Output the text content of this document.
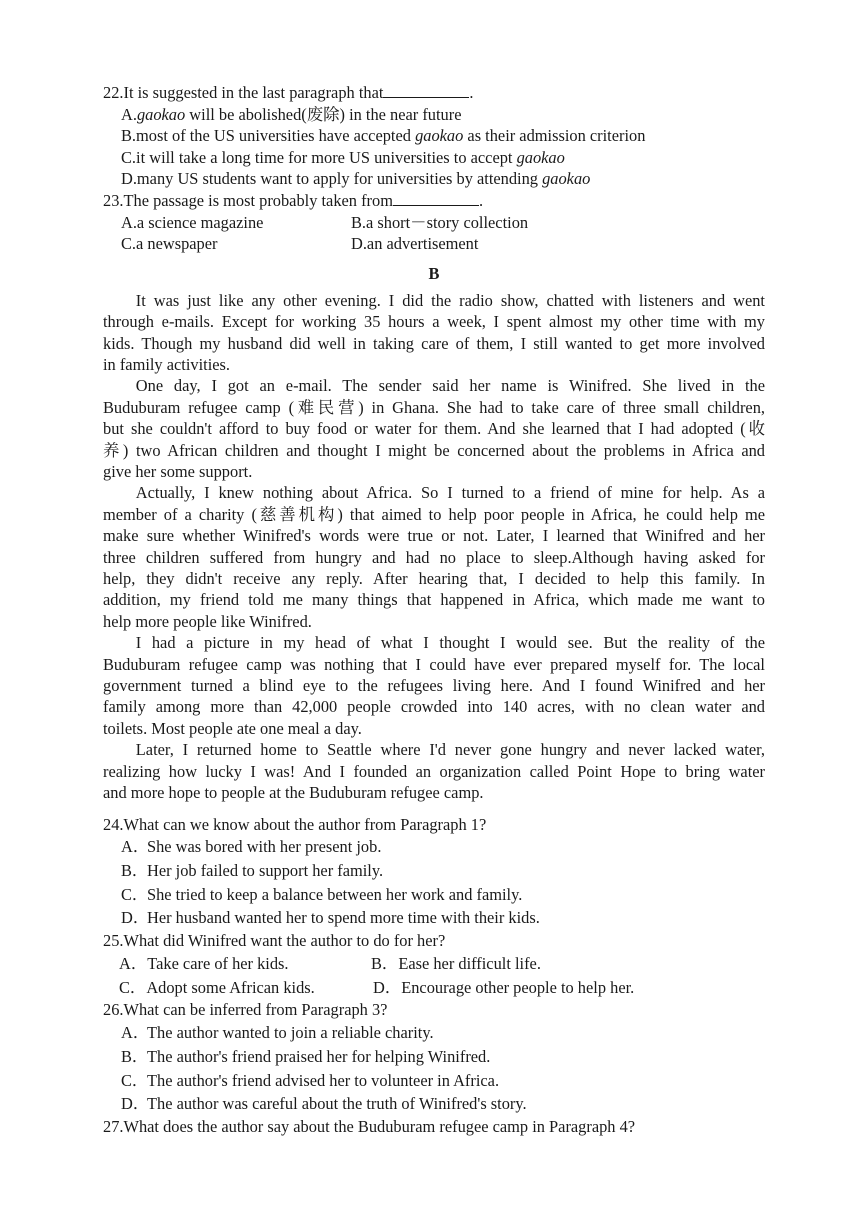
22.It is suggested in the last paragraph that	.
A.gaokao will be abolished(废除) in the near future
B.most of the US universities have accepted gaokao as their admission criterion
C.it will take a long time for more US universities to accept gaokao
D.many US students want to apply for universities by attending gaokao
23.The passage is most probably taken from	.
A.a science magazine	B.a short－story collection
C.a newspaper	D.an advertisement
B

It was just like any other evening. I did the radio show, chatted with listeners and went
through e-mails. Except for working 35 hours a week, I spent almost my other time with my
kids. Though my husband did well in taking care of them, I still wanted to get more involved
in family activities.

One day, I got an e-mail. The sender said her name is Winifred. She lived in the
Buduburam refugee camp (难民营) in Ghana. She had to take care of three small children,
but she couldn't afford to buy food or water for them. And she learned that I had adopted (收
养) two African children and thought I might be concerned about the problems in Africa and
give her some support.

Actually, I knew nothing about Africa. So I turned to a friend of mine for help. As a
member of a charity (慈善机构) that aimed to help poor people in Africa, he could help me
make sure whether Winifred's words were true or not. Later, I learned that Winifred and her
three children suffered from hungry and had no place to sleep.Although having asked for
help, they didn't receive any reply. After hearing that, I decided to help this family. In
addition, my friend told me many things that happened in Africa, which made me want to
help more people like Winifred.

I had a picture in my head of what I thought I would see. But the reality of the
Buduburam refugee camp was nothing that I could have ever prepared myself for. The local
government turned a blind eye to the refugees living here. And I found Winifred and her
family among more than 42,000 people crowded into 140 acres, with no clean water and
toilets. Most people ate one meal a day.

Later, I returned home to Seattle where I'd never gone hungry and never lacked water,
realizing how lucky I was! And I founded an organization called Point Hope to bring water
and more hope to people at the Buduburam refugee camp.

24.What can we know about the author from Paragraph 1?
A．She was bored with her present job.
B．Her job failed to support her family.
C．She tried to keep a balance between her work and family.
D．Her husband wanted her to spend more time with their kids.
25.What did Winifred want the author to do for her?
A．Take care of her kids.	B．Ease her difficult life.
C．Adopt some African kids.	D．Encourage other people to help her.
26.What can be inferred from Paragraph 3?
A．The author wanted to join a reliable charity.
B．The author's friend praised her for helping Winifred.
C．The author's friend advised her to volunteer in Africa.
D．The author was careful about the truth of Winifred's story.
27.What does the author say about the Buduburam refugee camp in Paragraph 4?
